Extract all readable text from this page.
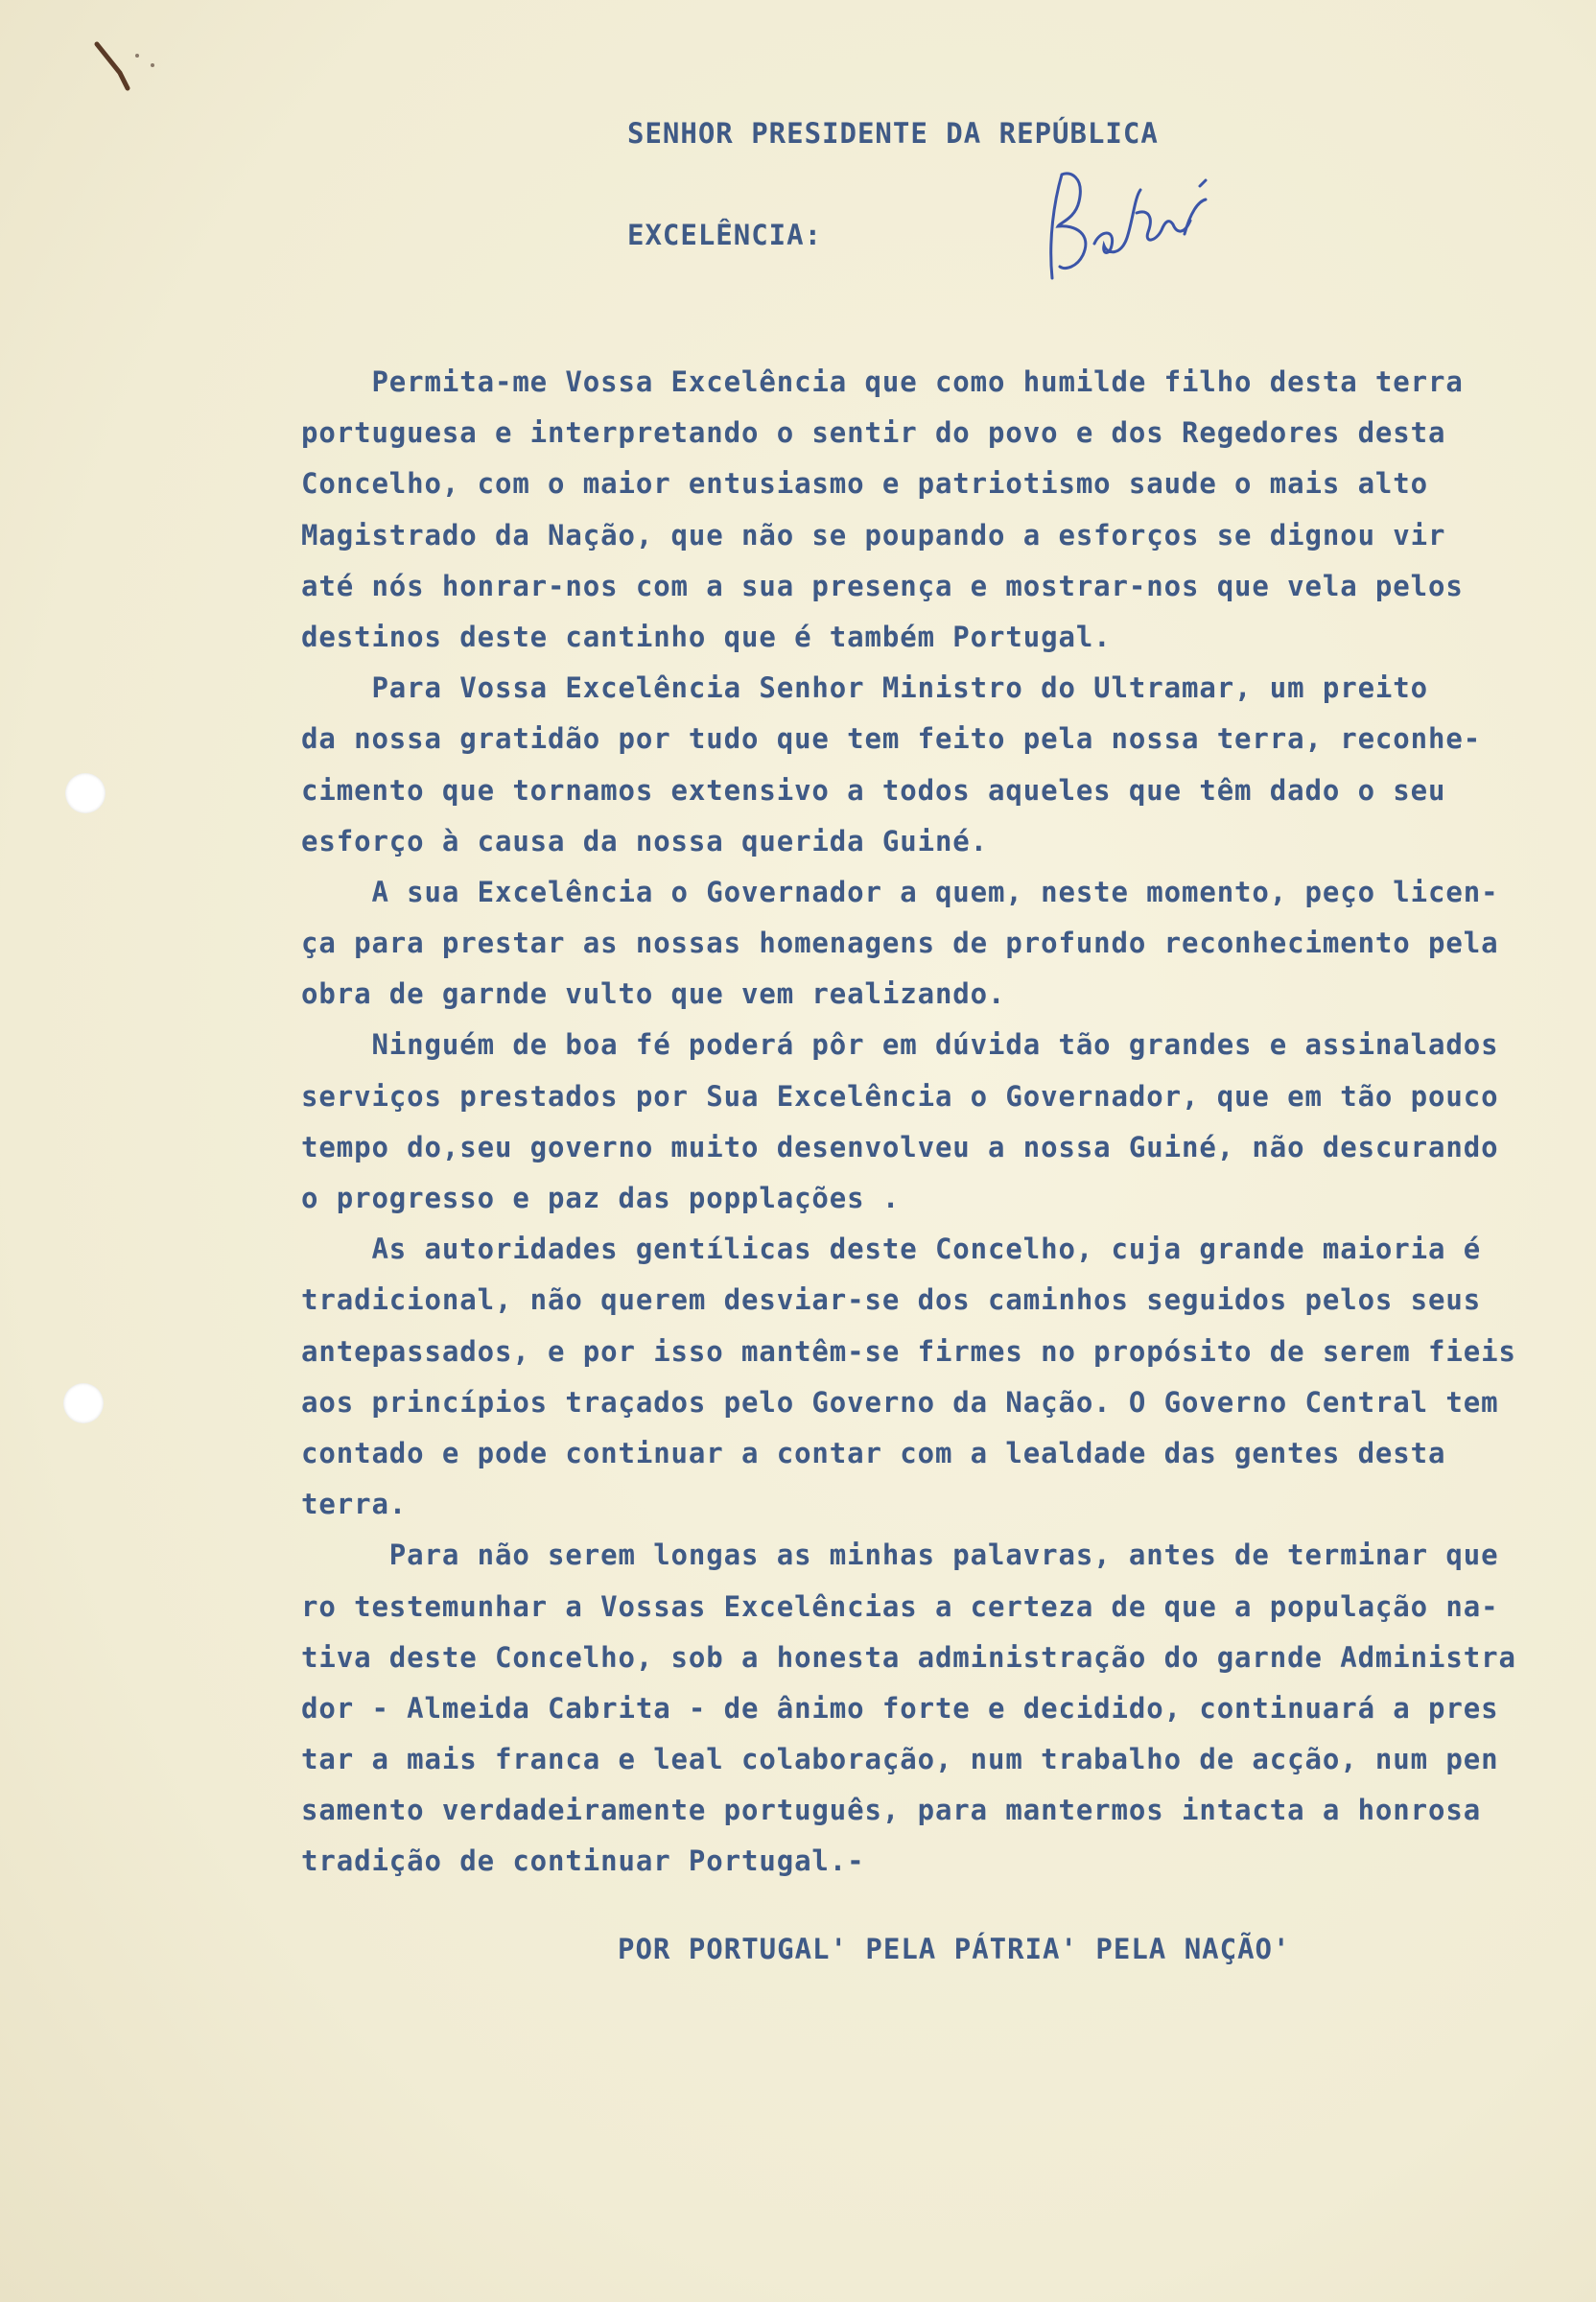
SENHOR PRESIDENTE DA REPÚBLICA
EXCELÊNCIA:
Permita-me Vossa Excelência que como humilde filho desta terra
portuguesa e interpretando o sentir do povo e dos Regedores desta
Concelho, com o maior entusiasmo e patriotismo saude o mais alto
Magistrado da Nação, que não se poupando a esforços se dignou vir
até nós honrar-nos com a sua presença e mostrar-nos que vela pelos
destinos deste cantinho que é também Portugal.
Para Vossa Excelência Senhor Ministro do Ultramar, um preito
da nossa gratidão por tudo que tem feito pela nossa terra, reconhe-
cimento que tornamos extensivo a todos aqueles que têm dado o seu
esforço à causa da nossa querida Guiné.
A sua Excelência o Governador a quem, neste momento, peço licen-
ça para prestar as nossas homenagens de profundo reconhecimento pela
obra de garnde vulto que vem realizando.
Ninguém de boa fé poderá pôr em dúvida tão grandes e assinalados
serviços prestados por Sua Excelência o Governador, que em tão pouco
tempo do,seu governo muito desenvolveu a nossa Guiné, não descurando
o progresso e paz das popplações .
As autoridades gentílicas deste Concelho, cuja grande maioria é
tradicional, não querem desviar-se dos caminhos seguidos pelos seus
antepassados, e por isso mantêm-se firmes no propósito de serem fieis
aos princípios traçados pelo Governo da Nação. O Governo Central tem
contado e pode continuar a contar com a lealdade das gentes desta
terra.
Para não serem longas as minhas palavras, antes de terminar que
ro testemunhar a Vossas Excelências a certeza de que a população na-
tiva deste Concelho, sob a honesta administração do garnde Administra
dor - Almeida Cabrita - de ânimo forte e decidido, continuará a pres
tar a mais franca e leal colaboração, num trabalho de acção, num pen
samento verdadeiramente português, para mantermos intacta a honrosa
tradição de continuar Portugal.-
POR PORTUGAL' PELA PÁTRIA' PELA NAÇÃO'
